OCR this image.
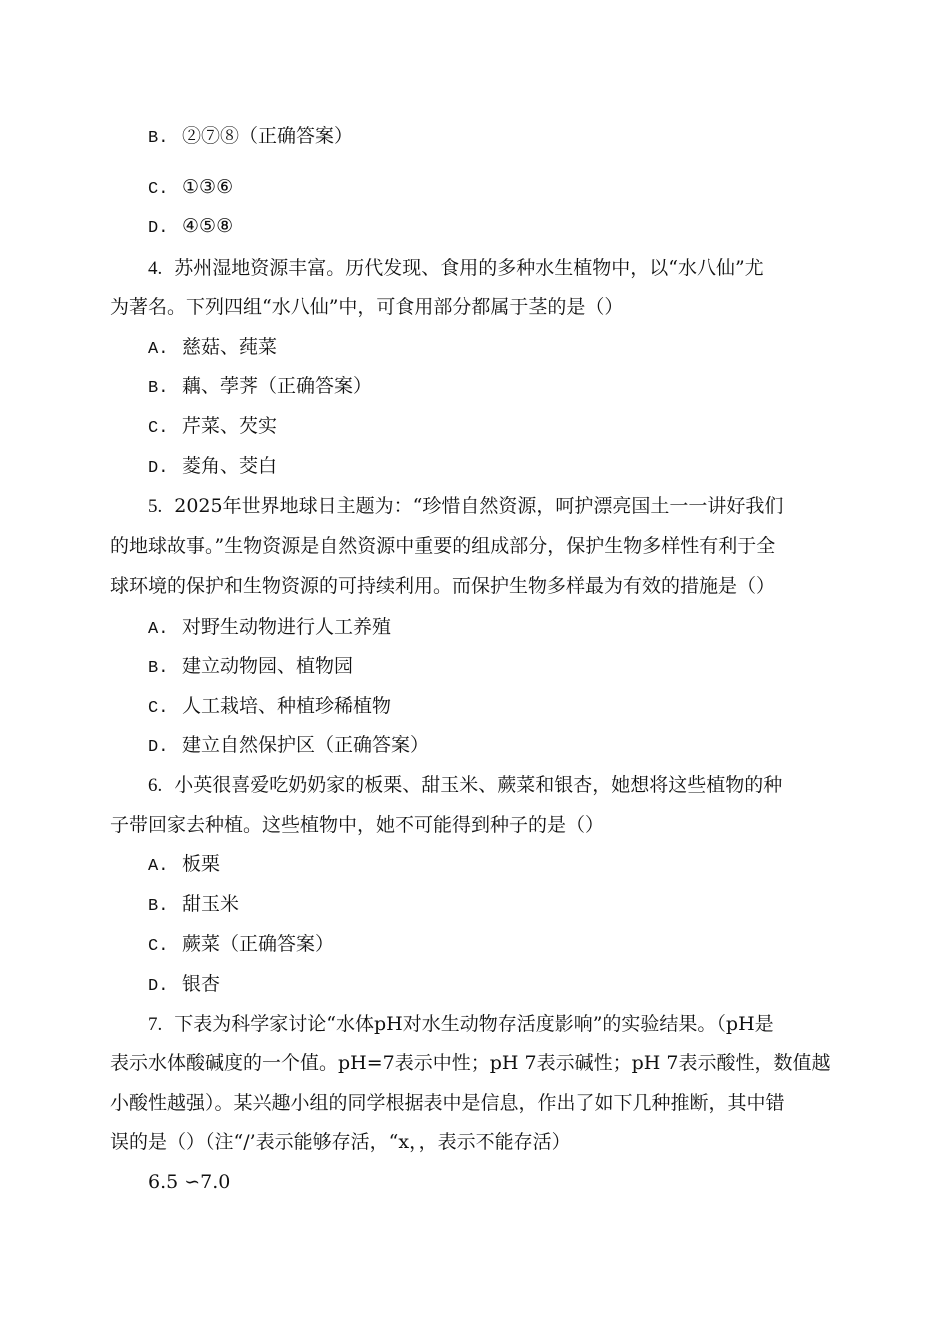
B. ②⑦⑧（正确答案）
C. ①③⑥
D. ④⑤⑧
4. 苏州湿地资源丰富。历代发现、食用的多种水生植物中，以“水八仙”尤
为著名。下列四组“水八仙”中，可食用部分都属于茎的是（）
A. 慈菇、莼菜
B. 藕、荸荠（正确答案）
C. 芹菜、芡实
D. 菱角、茭白
5. 2025年世界地球日主题为：“珍惜自然资源，呵护漂亮国土一一讲好我们
的地球故事。”生物资源是自然资源中重要的组成部分，保护生物多样性有利于全
球环境的保护和生物资源的可持续利用。而保护生物多样最为有效的措施是（）
A. 对野生动物进行人工养殖
B. 建立动物园、植物园
C. 人工栽培、种植珍稀植物
D. 建立自然保护区（正确答案）
6. 小英很喜爱吃奶奶家的板栗、甜玉米、蕨菜和银杏，她想将这些植物的种
子带回家去种植。这些植物中，她不可能得到种子的是（）
A. 板栗
B. 甜玉米
C. 蕨菜（正确答案）
D. 银杏
7. 下表为科学家讨论“水体pH对水生动物存活度影响”的实验结果。（pH是
表示水体酸碱度的一个值。pH=7表示中性；pH 7表示碱性；pH 7表示酸性，数值越
小酸性越强）。某兴趣小组的同学根据表中是信息，作出了如下几种推断，其中错
误的是（）（注“/’表示能够存活，“x，，表示不能存活）
6.5 ∽7.0
